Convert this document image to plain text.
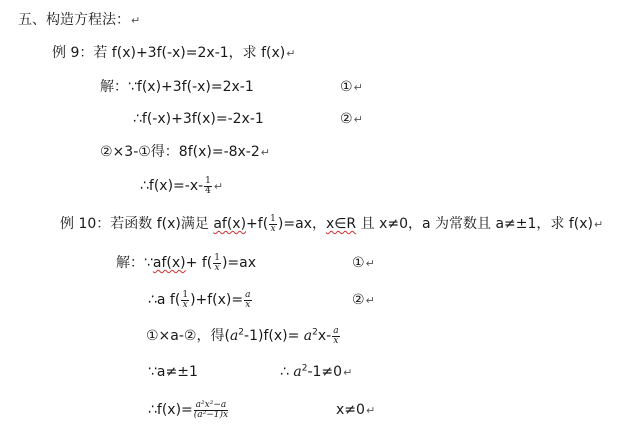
五、构造方程法：↵
例 9：若 f(x)+3f(-x)=2x-1，求 f(x)↵
解：∵f(x)+3f(-x)=2x-1	①↵
∴f(-x)+3f(x)=-2x-1	②↵
②×3-①得：8f(x)=-8x-2↵
∴f(x)=-x- $\frac{1}{4}$ ↵
例 10：若函数 f(x)满足 $af(x)+f( \frac{1}{x} )=ax$，x∈R 且 x≠0，a 为常数且 a≠±1，求 f(x)↵
解：∵af(x)+ $f( \frac{1}{x} )=ax$	①↵
∴a $f( \frac{1}{x} )+f(x)= \frac{a}{x}$	②↵
①×a-②，得$(a^2-1)f(x)= a^2x- \frac{a}{x}$
∵a≠±1	∴ $a^2-1\ne 0↵$
∴f(x)= $\frac{\text{a²x²−a}}{\text{(a²−1)x}}$	x≠0↵
